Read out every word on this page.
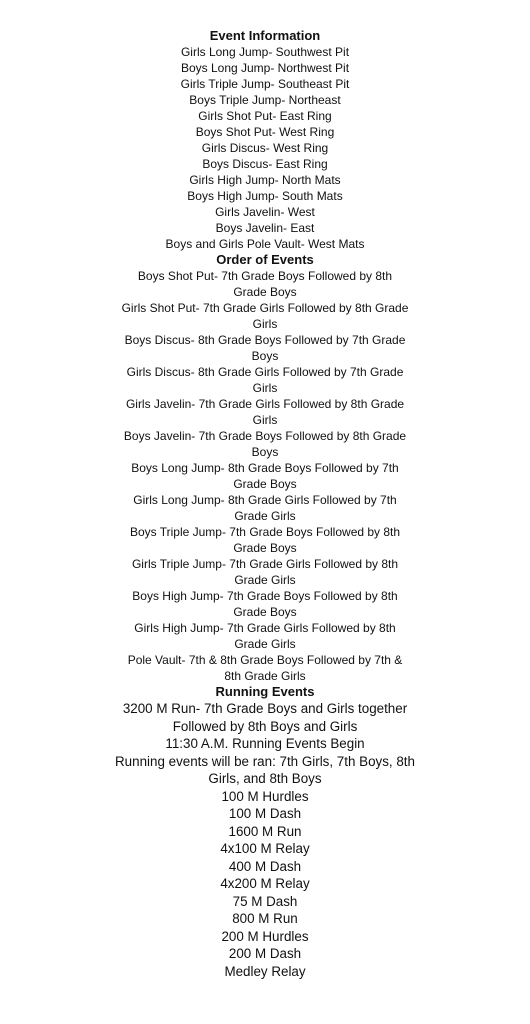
Event Information
Girls Long Jump- Southwest Pit
Boys Long Jump- Northwest Pit
Girls Triple Jump- Southeast Pit
Boys Triple Jump- Northeast
Girls Shot Put- East Ring
Boys Shot Put- West Ring
Girls Discus- West Ring
Boys Discus- East Ring
Girls High Jump- North Mats
Boys High Jump- South Mats
Girls Javelin- West
Boys Javelin- East
Boys and Girls Pole Vault- West Mats
Order of Events
Boys Shot Put- 7th Grade Boys Followed by 8th Grade Boys
Girls Shot Put- 7th Grade Girls Followed by 8th Grade Girls
Boys Discus- 8th Grade Boys Followed by 7th Grade Boys
Girls Discus- 8th Grade Girls Followed by 7th Grade Girls
Girls Javelin- 7th Grade Girls Followed by 8th Grade Girls
Boys Javelin- 7th Grade Boys Followed by 8th Grade Boys
Boys Long Jump- 8th Grade Boys Followed by 7th Grade Boys
Girls Long Jump- 8th Grade Girls Followed by 7th Grade Girls
Boys Triple Jump- 7th Grade Boys Followed by 8th Grade Boys
Girls Triple Jump- 7th Grade Girls Followed by 8th Grade Girls
Boys High Jump- 7th Grade Boys Followed by 8th Grade Boys
Girls High Jump- 7th Grade Girls Followed by 8th Grade Girls
Pole Vault- 7th & 8th Grade Boys Followed by 7th & 8th Grade Girls
Running Events
3200 M Run- 7th Grade Boys and Girls together Followed by 8th Boys and Girls
11:30 A.M. Running Events Begin
Running events will be ran: 7th Girls, 7th Boys, 8th Girls, and 8th Boys
100 M Hurdles
100 M Dash
1600 M Run
4x100 M Relay
400 M Dash
4x200 M Relay
75 M Dash
800 M Run
200 M Hurdles
200 M Dash
Medley Relay
